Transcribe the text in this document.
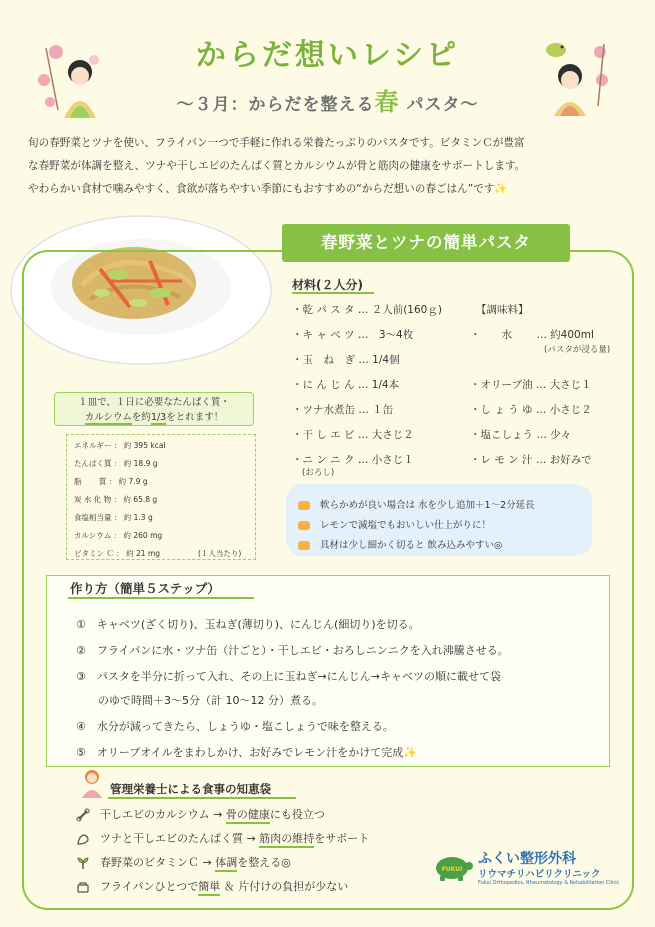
からだ想いレシピ
～３月：からだを整える春 パスタ～
旬の春野菜とツナを使い、フライパン一つで手軽に作れる栄養たっぷりのパスタです。ビタミンＣが豊富
な春野菜が体調を整え、ツナや干しエビのたんぱく質とカルシウムが骨と筋肉の健康をサポートします。
やわらかい食材で噛みやすく、食欲が落ちやすい季節にもおすすめの“からだ想いの春ごはん”です✨
春野菜とツナの簡単パスタ
材料(２人分)
・乾 パ ス タ … ２人前(160ｇ)
・キ ャ ベ ツ …　3～4枚
・玉　ね　ぎ … 1/4個
・に ん じ ん … 1/4本
・ツナ水煮缶 … １缶
・干 し エ ビ … 大さじ２
・ニ ン ニ ク … 小さじ１
(おろし)
【調味料】
・　　水　　 … 約400ml
(パスタが浸る量)
・オリーブ油 … 大さじ１
・し ょ う ゆ … 小さじ２
・塩こしょう … 少々
・レ モ ン 汁 … お好みで
１皿で、１日に必要なたんぱく質・
カルシウムを約1/3をとれます！
エネルギー ： 約 395 kcal
たんぱく質 ： 約 18.9 g
脂　　 質 ： 約 7.9 g
炭 水 化 物 ： 約 65.8 g
食塩相当量 ： 約 1.3 g
カルシウム ： 約 260 mg
ビタミン Ｃ ： 約 21 mg	(１人当たり)
軟らかめが良い場合は 水を少し追加＋1～2分延長
レモンで減塩でもおいしい仕上がりに！
具材は少し細かく切ると 飲み込みやすい◎
作り方（簡単５ステップ）
①　キャベツ(ざく切り)、玉ねぎ(薄切り)、にんじん(細切り)を切る。
②　フライパンに水・ツナ缶（汁ごと）・干しエビ・おろしニンニクを入れ沸騰させる。
③　パスタを半分に折って入れ、その上に玉ねぎ→にんじん→キャベツの順に載せて袋
　　のゆで時間＋3～5分（計 10～12 分）煮る。
④　水分が減ってきたら、しょうゆ・塩こしょうで味を整える。
⑤　オリーブオイルをまわしかけ、お好みでレモン汁をかけて完成✨
管理栄養士による食事の知恵袋
干しエビのカルシウム → 骨の健康にも役立つ
ツナと干しエビのたんぱく質 → 筋肉の維持をサポート
春野菜のビタミンＣ → 体調を整える◎
フライパンひとつで簡単 ＆ 片付けの負担が少ない
FUKUI
ふくい整形外科
リウマチリハビリクリニック
Fukui Orthopedics, Rheumatology & Rehabilitation Clinic
